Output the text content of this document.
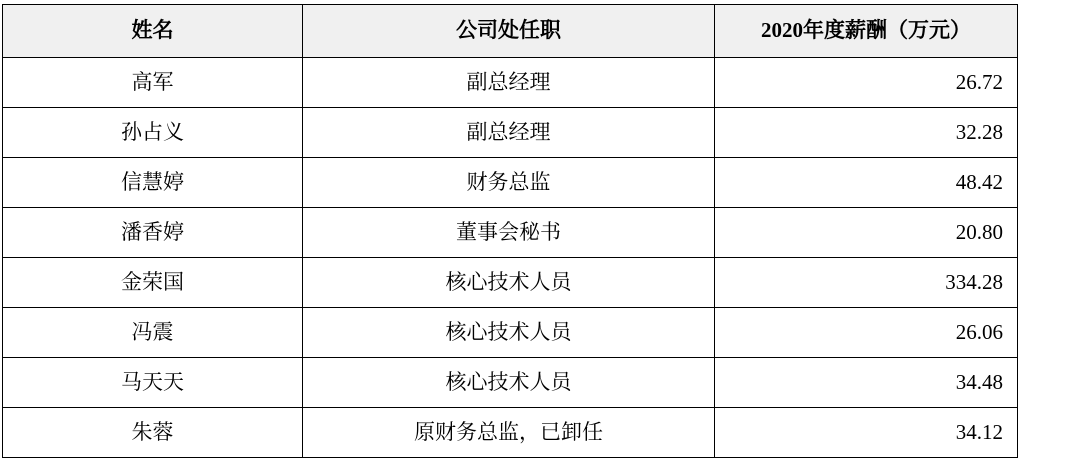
姓名	公司处任职	2020年度薪酬（万元）
高军	副总经理	26.72
孙占义	副总经理	32.28
信慧婷	财务总监	48.42
潘香婷	董事会秘书	20.80
金荣国	核心技术人员	334.28
冯震	核心技术人员	26.06
马天天	核心技术人员	34.48
朱蓉	原财务总监，已卸任	34.12
